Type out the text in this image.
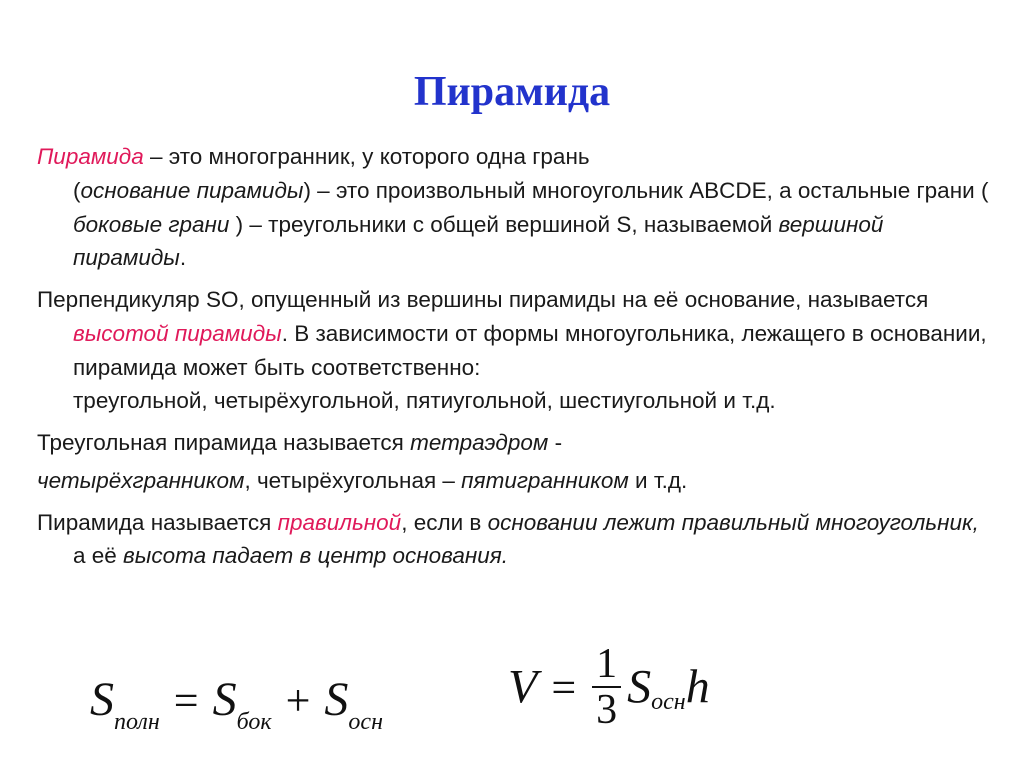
Пирамида

Пирамида – это многогранник, у которого одна грань
(основание пирамиды) – это произвольный многоугольник ABCDE, а остальные грани ( боковые грани ) – треугольники с общей вершиной S, называемой вершиной пирамиды.

Перпендикуляр SO, опущенный из вершины пирамиды на её основание, называется высотой пирамиды. В зависимости от формы многоугольника, лежащего в основании, пирамида может быть соответственно:
треугольной, четырёхугольной, пятиугольной, шестиугольной и т.д.

Треугольная пирамида называется тетраэдром -

четырёхгранником, четырёхугольная – пятигранником и т.д.

Пирамида называется правильной, если в основании лежит правильный многоугольник, а её высота падает в центр основания.

Sполн = Sбок + Sосн
$V = \frac{1}{3}$ Sоснh
